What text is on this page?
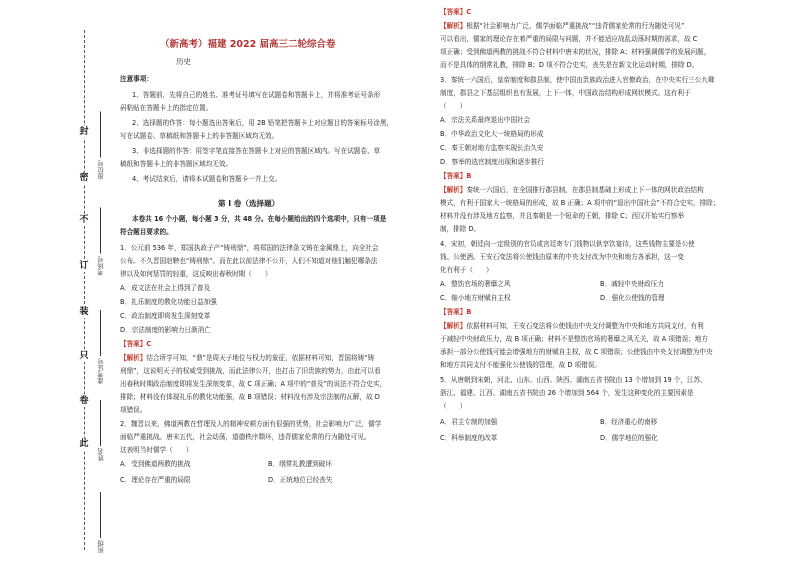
封
密
不
订
装
只
卷
此
座位号
考场号
准考证号
姓名
班级
（新高考）福建 2022 届高三二轮综合卷
历史
注意事项：
1、答题前，先将自己的姓名、准考证号填写在试题卷和答题卡上，并将准考证号条形
码粘贴在答题卡上的指定位置。
2、选择题的作答：每小题选出答案后，用 2B 铅笔把答题卡上对应题目的答案标号涂黑，
写在试题卷、草稿纸和答题卡上的非答题区域均无效。
3、非选择题的作答：用签字笔直接答在答题卡上对应的答题区域内。写在试题卷、草
稿纸和答题卡上的非答题区域均无效。
4、考试结束后，请将本试题卷和答题卡一并上交。
第 I 卷（选择题）
本卷共 16 个小题，每小题 3 分，共 48 分。在每小题给出的四个选项中，只有一项是
符合题目要求的。
1．公元前 536 年，郑国执政子产“铸刑鼎”，将郑国的法律条文铸在金属鼎上，向全社会
公布。不久晋国赵鞅也“铸刑鼎”。而在此以前法律不公开，人们不知道对他们触犯哪条法
律以及如何惩罚的轻重，这反映出春秋时期（　　）
A．成文法在社会上得到了普及
B．礼乐制度的教化功能日益加强
C．政治制度即将发生深刻变革
D．宗法制度的影响力日渐消亡
【答案】C
【解析】结合所学可知，“鼎”是周天子地位与权力的象征，依据材料可知，晋国将铸“铸
刑鼎”，这说明天子的权威受到挑战，而此法律公开，也打击了旧贵族的势力，由此可以看
出春秋时期政治制度即将发生深刻变革，故 C 项正确；A 项中的“普及”的说法不符合史实，
排除；材料没有体现礼乐的教化功能强，故 B 项错误；材料没有涉及宗法制的瓦解，故 D
项错误。
2．魏晋以来，佛道两教在哲理及人的精神安顿方面有很强的优势，社会影响力广泛，儒学
面临严重挑战。唐末五代，社会动荡，道德秩序颓坏，违背儒家伦常的行为随处可见。
这表明当时儒学（　　）
A．受到佛道两教的挑战	B．纲常礼教遭到破坏
C．理论存在严重的局限	D．正统地位已经丧失
【答案】C
【解析】根据“社会影响力广泛，儒学面临严重挑战”“违背儒家伦常的行为随处可见”
可以看出，儒家的理论存在着严重的局限与问题，并不能适应战乱动荡时期的需求，故 C
项正确；受到佛道两教的挑战不符合材料中唐末的状况，排除 A；材料强调儒学的发展问题，
而不是具体的纲常礼教，排除 B；D 项不符合史实，丧失是在新文化运动时期，排除 D。
3．秦统一六国后，皇帝制度和郡县制，使中国由贵族政治进入官僚政治，在中央实行三公九卿
制度，郡县之下基层组织也有发展，上下一体，中国政治结构形成网状模式。这有利于
（　　）
A．宗法关系最终退出中国社会
B．中华政治文化大一统格局的形成
C．秦王朝对地方监察实现长治久安
D．察举的选官制度出现和逐步推行
【答案】B
【解析】秦统一六国后，在全国推行郡县制，在郡县制基础上形成上下一体的网状政治结构
模式，有利于国家大一统格局的形成，故 B 正确；A 项中的“退出中国社会”不符合史实，排除；
材料并没有涉及地方监察，并且秦朝是一个短命的王朝，排除 C；西汉开始实行察举
制，排除 D。
4．宋初，朝廷向一定级别的官员或宫廷寄专门钱物以供享饮宴待，这些钱物主要是公使
钱、公使酒。王安石变法将公使钱由原来的中央支付改为中央和地方各承担，这一变
化有利于（　　）
A．整饬官场的奢靡之风	B．减轻中央财政压力
C．缩小地方财赋自主权	D．强化公使钱的管理
【答案】B
【解析】依据材料可知，王安石变法将公使钱由中央支付调整为中央和地方共同支付，有利
于减轻中央财政压力，故 B 项正确；材料不是整饬官场的奢靡之风无关，故 A 项错误；地方
承担一部分公使钱可能会增强地方的财赋自主权，故 C 项错误；公使钱由中央支付调整为中央
和地方共同支付不能强化公使钱的管理，故 D 项错误。
5．从唐朝到宋朝，河北、山东、山西、陕西、湖南五省书院由 13 个增加到 19 个，江苏、
浙江、福建、江西、湖南五省书院由 26 个增加到 564 个，发生这种变化的主要因素是
（　　）
A．君主专制的加强	B．经济重心的南移
C．科举制度的改革	D．儒学地位的强化
